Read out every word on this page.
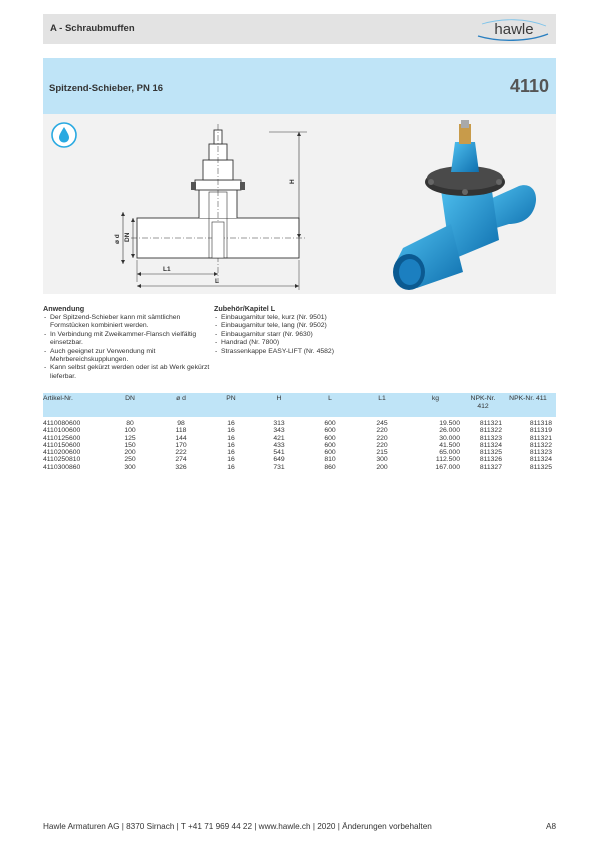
A - Schraubmuffen	hawle
Spitzend-Schieber, PN 16	4110
H
DN
ø d
L1
L
Anwendung
- Der Spitzend-Schieber kann mit sämtlichen Formstücken kombiniert werden.
- In Verbindung mit Zweikammer-Flansch vielfältig einsetzbar.
- Auch geeignet zur Verwendung mit Mehrbereichskupplungen.
- Kann selbst gekürzt werden oder ist ab Werk gekürzt lieferbar.
Zubehör/Kapitel L
- Einbaugarnitur tele, kurz (Nr. 9501)
- Einbaugarnitur tele, lang (Nr. 9502)
- Einbaugarnitur starr (Nr. 9630)
- Handrad (Nr. 7800)
- Strassenkappe EASY-LIFT (Nr. 4582)
Artikel-Nr.	DN	ø d	PN	H	L	L1	kg	NPK-Nr. 412	NPK-Nr. 411
4110080600	80	98	16	313	600	245	19.500	811321	811318
4110100600	100	118	16	343	600	220	26.000	811322	811319
4110125600	125	144	16	421	600	220	30.000	811323	811321
4110150600	150	170	16	433	600	220	41.500	811324	811322
4110200600	200	222	16	541	600	215	65.000	811325	811323
4110250810	250	274	16	649	810	300	112.500	811326	811324
4110300860	300	326	16	731	860	200	167.000	811327	811325
Hawle Armaturen AG | 8370 Sirnach | T +41 71 969 44 22 | www.hawle.ch | 2020 | Änderungen vorbehalten	A8
